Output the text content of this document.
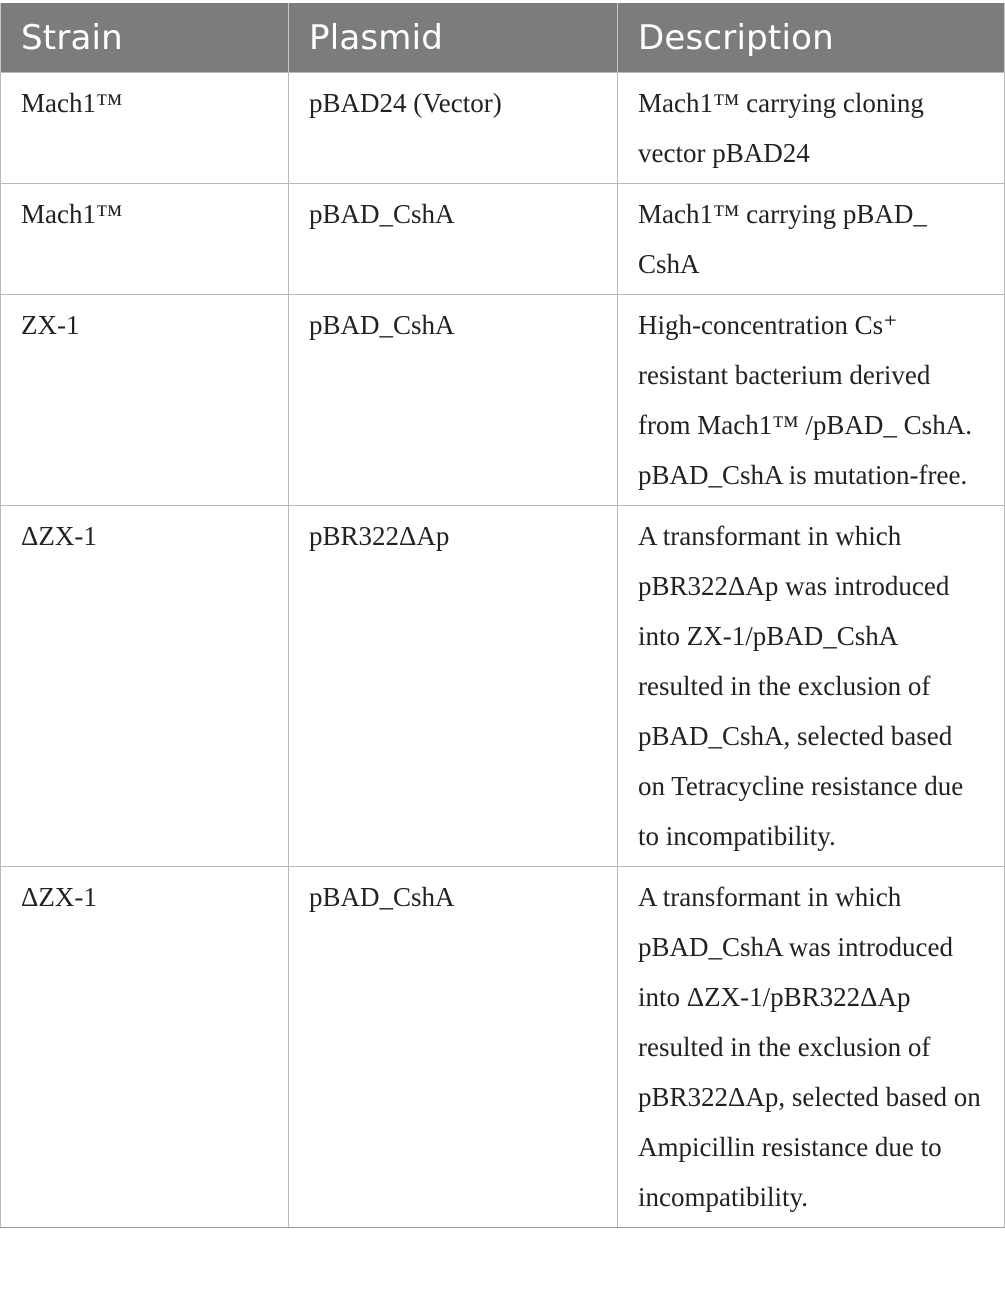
Strain	Plasmid	Description
Mach1™	pBAD24 (Vector)	Mach1™ carrying cloning vector pBAD24
Mach1™	pBAD_CshA	Mach1™ carrying pBAD_ CshA
ZX-1	pBAD_CshA	High-concentration Cs⁺ resistant bacterium derived from Mach1™ /pBAD_ CshA. pBAD_CshA is mutation-free.
ΔZX-1	pBR322ΔAp	A transformant in which pBR322ΔAp was introduced into ZX-1/pBAD_CshA resulted in the exclusion of pBAD_CshA, selected based on Tetracycline resistance due to incompatibility.
ΔZX-1	pBAD_CshA	A transformant in which pBAD_CshA was introduced into ΔZX-1/pBR322ΔAp resulted in the exclusion of pBR322ΔAp, selected based on Ampicillin resistance due to incompatibility.
